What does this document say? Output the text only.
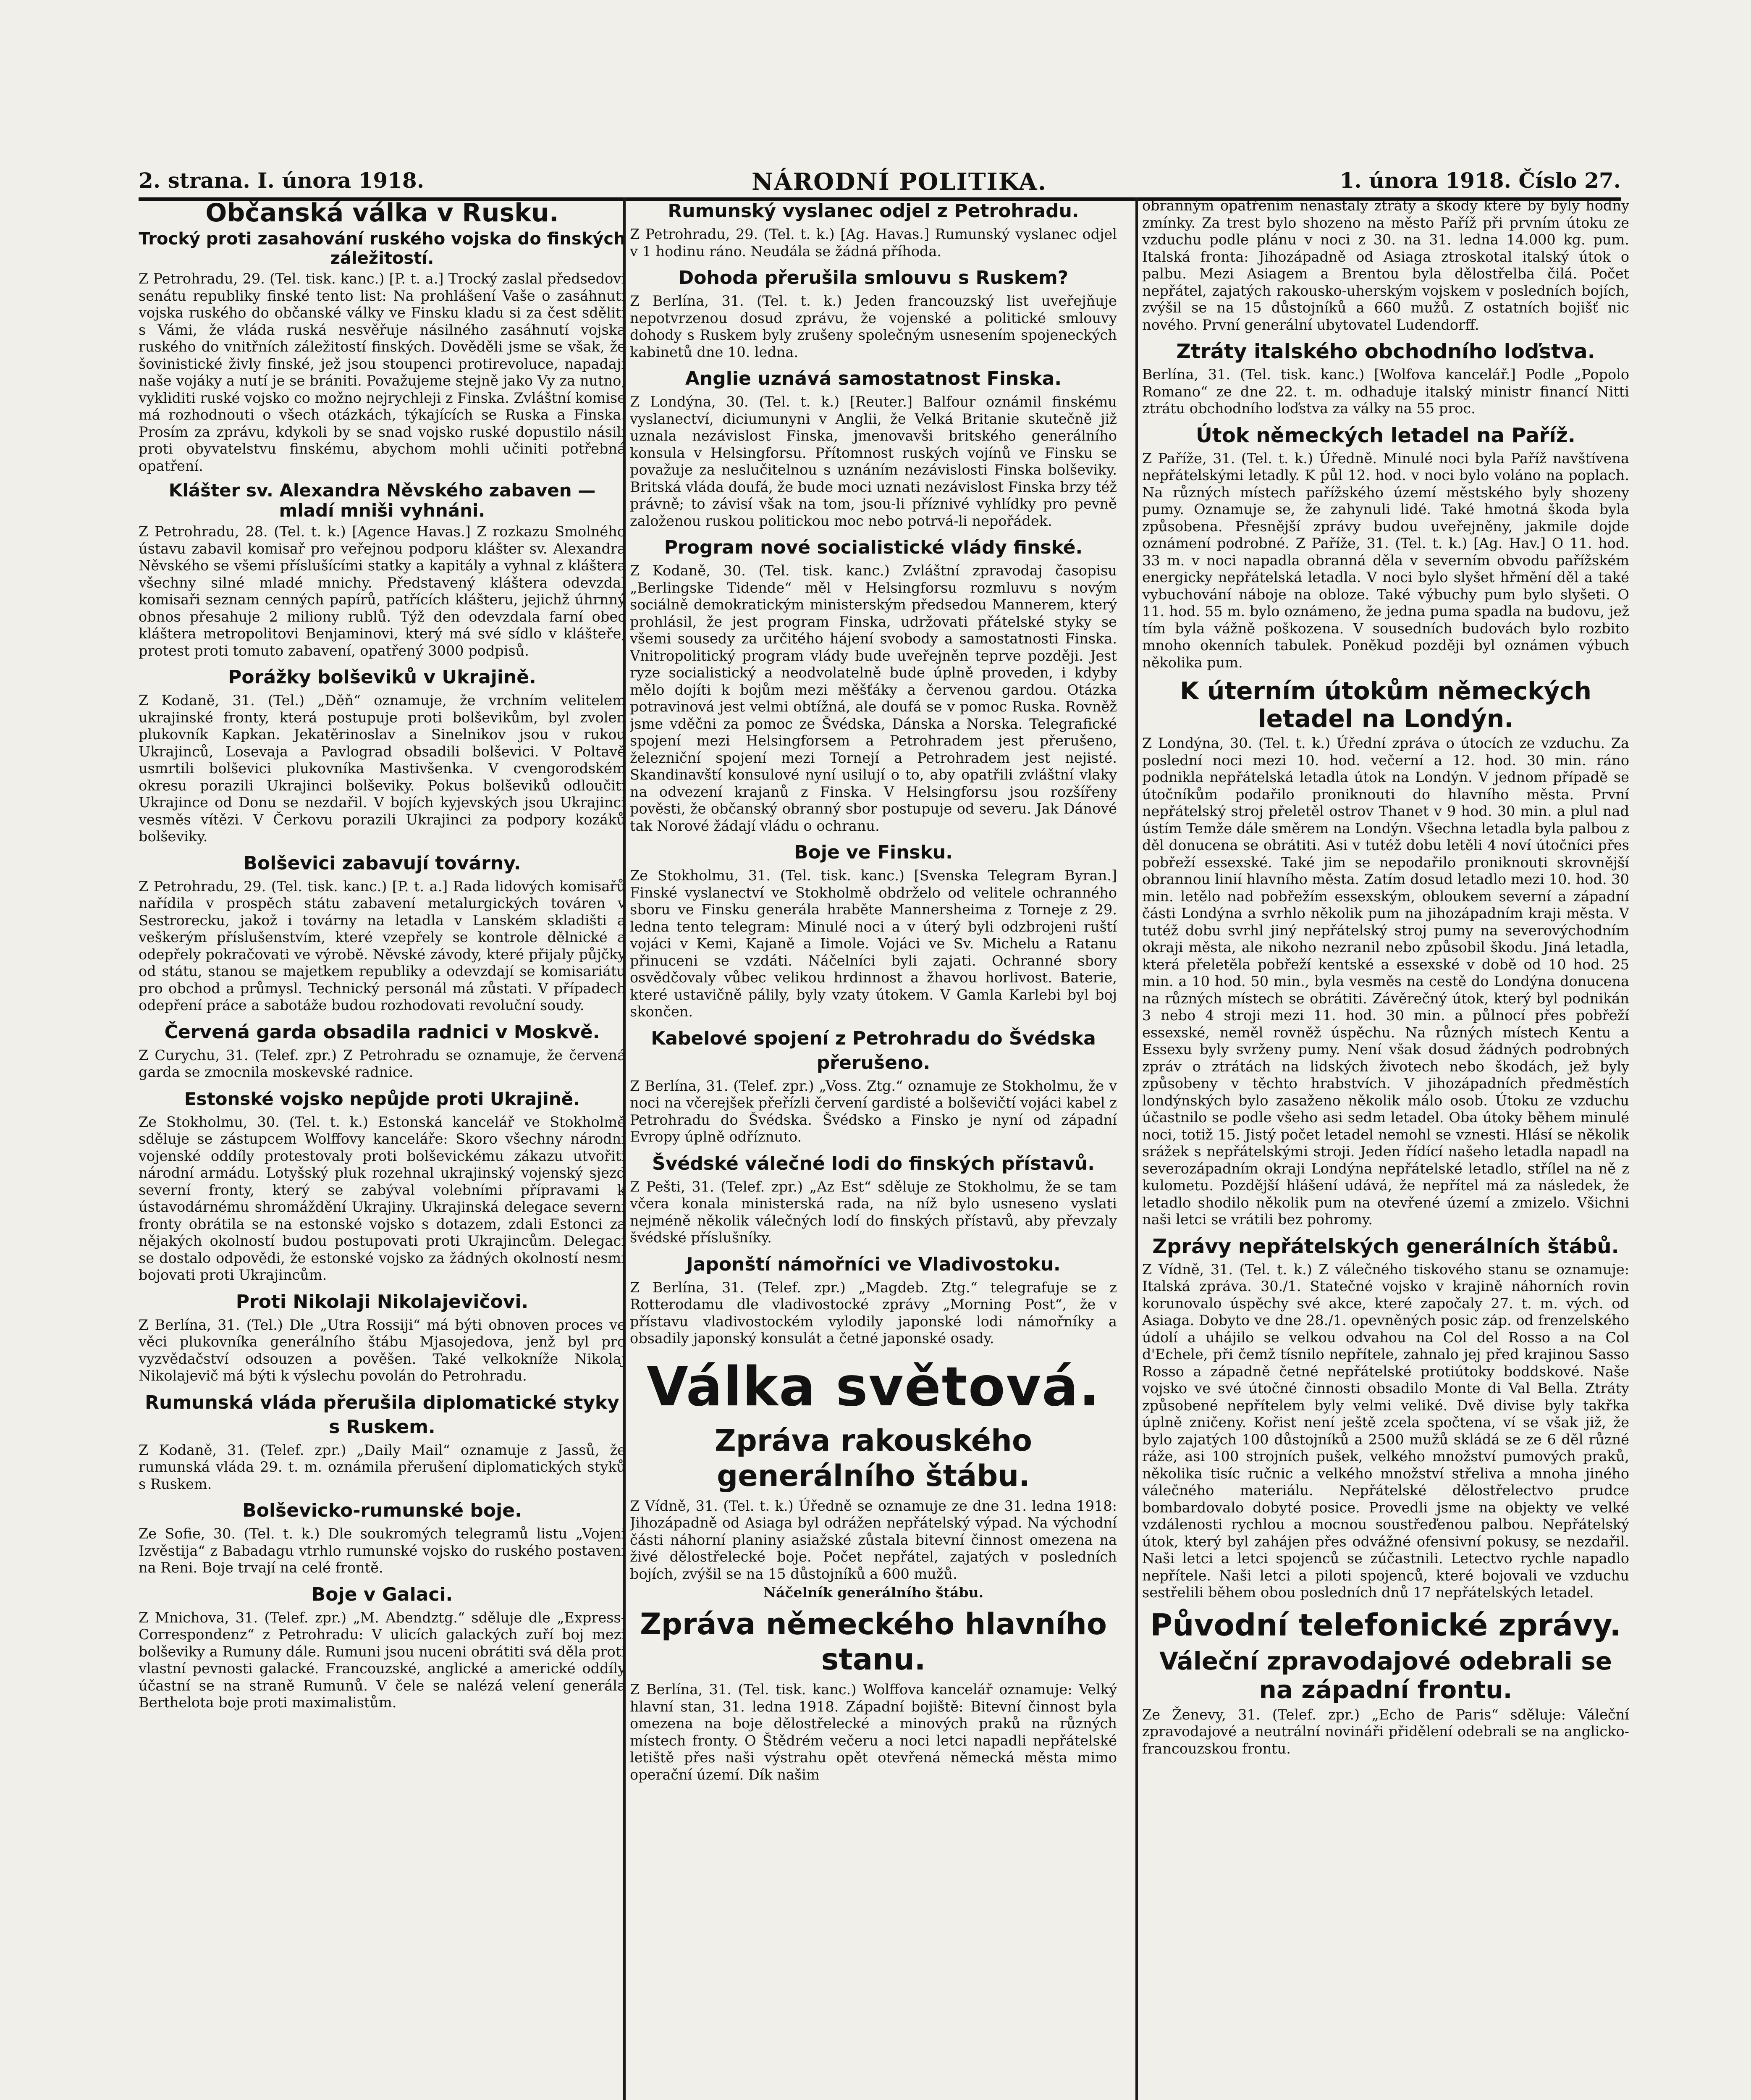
2. strana. I. února 1918.	NÁRODNÍ POLITIKA.	1. února 1918. Číslo 27.
Občanská válka v Rusku.
Trocký proti zasahování ruského vojska do finských záležitostí.

Z Petrohradu, 29. (Tel. tisk. kanc.) [P. t. a.] Trocký zaslal předsedovi senátu republiky finské tento list: Na prohlášení Vaše o zasáhnutí vojska ruského do občanské války ve Finsku kladu si za čest sděliti s Vámi, že vláda ruská nesvěřuje násilného zasáhnutí vojska ruského do vnitřních záležitostí finských. Dověděli jsme se však, že šovinistické živly finské, jež jsou stoupenci protirevoluce, napadají naše vojáky a nutí je se brániti. Považujeme stejně jako Vy za nutno, vykliditi ruské vojsko co možno nejrychleji z Finska. Zvláštní komise má rozhodnouti o všech otázkách, týkajících se Ruska a Finska. Prosím za zprávu, kdykoli by se snad vojsko ruské dopustilo násilí proti obyvatelstvu finskému, abychom mohli učiniti potřebná opatření.

Klášter sv. Alexandra Něvského zabaven — mladí mniši vyhnáni.

Z Petrohradu, 28. (Tel. t. k.) [Agence Havas.] Z rozkazu Smolného ústavu zabavil komisař pro veřejnou podporu klášter sv. Alexandra Něvského se všemi příslušícími statky a kapitály a vyhnal z kláštera všechny silné mladé mnichy. Představený kláštera odevzdal komisaři seznam cenných papírů, patřících klášteru, jejichž úhrnný obnos přesahuje 2 miliony rublů. Týž den odevzdala farní obec kláštera metropolitovi Benjaminovi, který má své sídlo v klášteře, protest proti tomuto zabavení, opatřený 3000 podpisů.

Porážky bolševiků v Ukrajině.

Z Kodaně, 31. (Tel.) „Děň“ oznamuje, že vrchním velitelem ukrajinské fronty, která postupuje proti bolševikům, byl zvolen plukovník Kapkan. Jekatěrinoslav a Sinelnikov jsou v rukou Ukrajinců, Losevaja a Pavlograd obsadili bolševici. V Poltavě usmrtili bolševici plukovníka Mastivšenka. V cvengorodském okresu porazili Ukrajinci bolševiky. Pokus bolševiků odloučiti Ukrajince od Donu se nezdařil. V bojích kyjevských jsou Ukrajinci vesměs vítězi. V Čerkovu porazili Ukrajinci za podpory kozáků bolševiky.

Bolševici zabavují továrny.

Z Petrohradu, 29. (Tel. tisk. kanc.) [P. t. a.] Rada lidových komisařů nařídila v prospěch státu zabavení metalurgických továren v Sestrorecku, jakož i továrny na letadla v Lanském skladišti a veškerým příslušenstvím, které vzepřely se kontrole dělnické a odepřely pokračovati ve výrobě. Něvské závody, které přijaly půjčky od státu, stanou se majetkem republiky a odevzdají se komisariátu pro obchod a průmysl. Technický personál má zůstati. V případech odepření práce a sabotáže budou rozhodovati revoluční soudy.

Červená garda obsadila radnici v Moskvě.

Z Curychu, 31. (Telef. zpr.) Z Petrohradu se oznamuje, že červená garda se zmocnila moskevské radnice.

Estonské vojsko nepůjde proti Ukrajině.

Ze Stokholmu, 30. (Tel. t. k.) Estonská kancelář ve Stokholmě sděluje se zástupcem Wolffovy kanceláře: Skoro všechny národní vojenské oddíly protestovaly proti bolševickému zákazu utvořiti národní armádu. Lotyšský pluk rozehnal ukrajinský vojenský sjezd severní fronty, který se zabýval volebními přípravami k ústavodárnému shromáždění Ukrajiny. Ukrajinská delegace severní fronty obrátila se na estonské vojsko s dotazem, zdali Estonci za nějakých okolností budou postupovati proti Ukrajincům. Delegaci se dostalo odpovědi, že estonské vojsko za žádných okolností nesmí bojovati proti Ukrajincům.

Proti Nikolaji Nikolajevičovi.

Z Berlína, 31. (Tel.) Dle „Utra Rossiji“ má býti obnoven proces ve věci plukovníka generálního štábu Mjasojedova, jenž byl pro vyzvědačství odsouzen a pověšen. Také velkokníže Nikolaj Nikolajevič má býti k výslechu povolán do Petrohradu.

Rumunská vláda přerušila diplomatické styky s Ruskem.

Z Kodaně, 31. (Telef. zpr.) „Daily Mail“ oznamuje z Jassů, že rumunská vláda 29. t. m. oznámila přerušení diplomatických styků s Ruskem.

Bolševicko-rumunské boje.

Ze Sofie, 30. (Tel. t. k.) Dle soukromých telegramů listu „Vojeni Izvěstija“ z Babadagu vtrhlo rumunské vojsko do ruského postavení na Reni. Boje trvají na celé frontě.

Boje v Galaci.

Z Mnichova, 31. (Telef. zpr.) „M. Abendztg.“ sděluje dle „Express-Correspondenz“ z Petrohradu: V ulicích galackých zuří boj mezi bolševiky a Rumuny dále. Rumuni jsou nuceni obrátiti svá děla proti vlastní pevnosti galacké. Francouzské, anglické a americké oddíly účastní se na straně Rumunů. V čele se nalézá velení generála Berthelota boje proti maximalistům.

Rumunský vyslanec odjel z Petrohradu.

Z Petrohradu, 29. (Tel. t. k.) [Ag. Havas.] Rumunský vyslanec odjel v 1 hodinu ráno. Neudála se žádná příhoda.

Dohoda přerušila smlouvu s Ruskem?

Z Berlína, 31. (Tel. t. k.) Jeden francouzský list uveřejňuje nepotvrzenou dosud zprávu, že vojenské a politické smlouvy dohody s Ruskem byly zrušeny společným usnesením spojeneckých kabinetů dne 10. ledna.

Anglie uznává samostatnost Finska.

Z Londýna, 30. (Tel. t. k.) [Reuter.] Balfour oznámil finskému vyslanectví, diciumunyni v Anglii, že Velká Britanie skutečně již uznala nezávislost Finska, jmenovavši britského generálního konsula v Helsingforsu. Přítomnost ruských vojínů ve Finsku se považuje za neslučitelnou s uznáním nezávislosti Finska bolševiky. Britská vláda doufá, že bude moci uznati nezávislost Finska brzy též právně; to závisí však na tom, jsou-li příznivé vyhlídky pro pevně založenou ruskou politickou moc nebo potrvá-li nepořádek.

Program nové socialistické vlády finské.

Z Kodaně, 30. (Tel. tisk. kanc.) Zvláštní zpravodaj časopisu „Berlingske Tidende“ měl v Helsingforsu rozmluvu s novým sociálně demokratickým ministerským předsedou Mannerem, který prohlásil, že jest program Finska, udržovati přátelské styky se všemi sousedy za určitého hájení svobody a samostatnosti Finska. Vnitropolitický program vlády bude uveřejněn teprve později. Jest ryze socialistický a neodvolatelně bude úplně proveden, i kdyby mělo dojíti k bojům mezi měšťáky a červenou gardou. Otázka potravinová jest velmi obtížná, ale doufá se v pomoc Ruska. Rovněž jsme vděčni za pomoc ze Švédska, Dánska a Norska. Telegrafické spojení mezi Helsingforsem a Petrohradem jest přerušeno, železniční spojení mezi Tornejí a Petrohradem jest nejisté. Skandinavští konsulové nyní usilují o to, aby opatřili zvláštní vlaky na odvezení krajanů z Finska. V Helsingforsu jsou rozšířeny pověsti, že občanský obranný sbor postupuje od severu. Jak Dánové tak Norové žádají vládu o ochranu.

Boje ve Finsku.

Ze Stokholmu, 31. (Tel. tisk. kanc.) [Svenska Telegram Byran.] Finské vyslanectví ve Stokholmě obdrželo od velitele ochranného sboru ve Finsku generála hraběte Mannersheima z Torneje z 29. ledna tento telegram: Minulé noci a v úterý byli odzbrojeni ruští vojáci v Kemi, Kajaně a Iimole. Vojáci ve Sv. Michelu a Ratanu přinuceni se vzdáti. Náčelníci byli zajati. Ochranné sbory osvědčovaly vůbec velikou hrdinnost a žhavou horlivost. Baterie, které ustavičně pálily, byly vzaty útokem. V Gamla Karlebi byl boj skončen.

Kabelové spojení z Petrohradu do Švédska přerušeno.

Z Berlína, 31. (Telef. zpr.) „Voss. Ztg.“ oznamuje ze Stokholmu, že v noci na včerejšek přeřízli červení gardisté a bolševičtí vojáci kabel z Petrohradu do Švédska. Švédsko a Finsko je nyní od západní Evropy úplně odříznuto.

Švédské válečné lodi do finských přístavů.

Z Pešti, 31. (Telef. zpr.) „Az Est“ sděluje ze Stokholmu, že se tam včera konala ministerská rada, na níž bylo usneseno vyslati nejméně několik válečných lodí do finských přístavů, aby převzaly švédské příslušníky.

Japonští námořníci ve Vladivostoku.

Z Berlína, 31. (Telef. zpr.) „Magdeb. Ztg.“ telegrafuje se z Rotterodamu dle vladivostocké zprávy „Morning Post“, že v přístavu vladivostockém vylodily japonské lodi námořníky a obsadily japonský konsulát a četné japonské osady.

Válka světová.
Zpráva rakouského generálního štábu.

Z Vídně, 31. (Tel. t. k.) Úředně se oznamuje ze dne 31. ledna 1918: Jihozápadně od Asiaga byl odrážen nepřátelský výpad. Na východní části náhorní planiny asiažské zůstala bitevní činnost omezena na živé dělostřelecké boje. Počet nepřátel, zajatých v posledních bojích, zvýšil se na 15 důstojníků a 600 mužů.

Náčelník generálního štábu.
Zpráva německého hlavního stanu.

Z Berlína, 31. (Tel. tisk. kanc.) Wolffova kancelář oznamuje: Velký hlavní stan, 31. ledna 1918. Západní bojiště: Bitevní činnost byla omezena na boje dělostřelecké a minových praků na různých místech fronty. O Štědrém večeru a noci letci napadli nepřátelské letiště přes naši výstrahu opět otevřená německá města mimo operační území. Dík našim

obranným opatřením nenastaly ztráty a škody které by byly hodny zmínky. Za trest bylo shozeno na město Paříž při prvním útoku ze vzduchu podle plánu v noci z 30. na 31. ledna 14.000 kg. pum. Italská fronta: Jihozápadně od Asiaga ztroskotal italský útok o palbu. Mezi Asiagem a Brentou byla dělostřelba čilá. Počet nepřátel, zajatých rakousko-uherským vojskem v posledních bojích, zvýšil se na 15 důstojníků a 660 mužů. Z ostatních bojišť nic nového. První generální ubytovatel Ludendorff.

Ztráty italského obchodního loďstva.

Berlína, 31. (Tel. tisk. kanc.) [Wolfova kancelář.] Podle „Popolo Romano“ ze dne 22. t. m. odhaduje italský ministr financí Nitti ztrátu obchodního loďstva za války na 55 proc.

Útok německých letadel na Paříž.

Z Paříže, 31. (Tel. t. k.) Úředně. Minulé noci byla Paříž navštívena nepřátelskými letadly. K půl 12. hod. v noci bylo voláno na poplach. Na různých místech pařížského území městského byly shozeny pumy. Oznamuje se, že zahynuli lidé. Také hmotná škoda byla způsobena. Přesnější zprávy budou uveřejněny, jakmile dojde oznámení podrobné. Z Paříže, 31. (Tel. t. k.) [Ag. Hav.] O 11. hod. 33 m. v noci napadla obranná děla v severním obvodu pařížském energicky nepřátelská letadla. V noci bylo slyšet hřmění děl a také vybuchování náboje na obloze. Také výbuchy pum bylo slyšeti. O 11. hod. 55 m. bylo oznámeno, že jedna puma spadla na budovu, jež tím byla vážně poškozena. V sousedních budovách bylo rozbito mnoho okenních tabulek. Poněkud později byl oznámen výbuch několika pum.

K úterním útokům německých letadel na Londýn.

Z Londýna, 30. (Tel. t. k.) Úřední zpráva o útocích ze vzduchu. Za poslední noci mezi 10. hod. večerní a 12. hod. 30 min. ráno podnikla nepřátelská letadla útok na Londýn. V jednom případě se útočníkům podařilo proniknouti do hlavního města. První nepřátelský stroj přeletěl ostrov Thanet v 9 hod. 30 min. a plul nad ústím Temže dále směrem na Londýn. Všechna letadla byla palbou z děl donucena se obrátiti. Asi v tutéž dobu letěli 4 noví útočníci přes pobřeží essexské. Také jim se nepodařilo proniknouti skrovnější obrannou linií hlavního města. Zatím dosud letadlo mezi 10. hod. 30 min. letělo nad pobřežím essexským, obloukem severní a západní části Londýna a svrhlo několik pum na jihozápadním kraji města. V tutéž dobu svrhl jiný nepřátelský stroj pumy na severovýchodním okraji města, ale nikoho nezranil nebo způsobil škodu. Jiná letadla, která přeletěla pobřeží kentské a essexské v době od 10 hod. 25 min. a 10 hod. 50 min., byla vesměs na cestě do Londýna donucena na různých místech se obrátiti. Závěrečný útok, který byl podnikán 3 nebo 4 stroji mezi 11. hod. 30 min. a půlnocí přes pobřeží essexské, neměl rovněž úspěchu. Na různých místech Kentu a Essexu byly svrženy pumy. Není však dosud žádných podrobných zpráv o ztrátách na lidských životech nebo škodách, jež byly způsobeny v těchto hrabstvích. V jihozápadních předměstích londýnských bylo zasaženo několik málo osob. Útoku ze vzduchu účastnilo se podle všeho asi sedm letadel. Oba útoky během minulé noci, totiž 15. Jistý počet letadel nemohl se vznesti. Hlásí se několik srážek s nepřátelskými stroji. Jeden řídící našeho letadla napadl na severozápadním okraji Londýna nepřátelské letadlo, střílel na ně z kulometu. Pozdější hlášení udává, že nepřítel má za následek, že letadlo shodilo několik pum na otevřené území a zmizelo. Všichni naši letci se vrátili bez pohromy.

Zprávy nepřátelských generálních štábů.

Z Vídně, 31. (Tel. t. k.) Z válečného tiskového stanu se oznamuje: Italská zpráva. 30./1. Statečné vojsko v krajině náhorních rovin korunovalo úspěchy své akce, které započaly 27. t. m. vých. od Asiaga. Dobyto ve dne 28./1. opevněných posic záp. od frenzelského údolí a uhájilo se velkou odvahou na Col del Rosso a na Col d'Echele, při čemž tísnilo nepřítele, zahnalo jej před krajinou Sasso Rosso a západně četné nepřátelské protiútoky boddskové. Naše vojsko ve své útočné činnosti obsadilo Monte di Val Bella. Ztráty způsobené nepřítelem byly velmi veliké. Dvě divise byly takřka úplně zničeny. Kořist není ještě zcela spočtena, ví se však již, že bylo zajatých 100 důstojníků a 2500 mužů skládá se ze 6 děl různé ráže, asi 100 strojních pušek, velkého množství pumových praků, několika tisíc ručnic a velkého množství střeliva a mnoha jiného válečného materiálu. Nepřátelské dělostřelectvo prudce bombardovalo dobyté posice. Provedli jsme na objekty ve velké vzdálenosti rychlou a mocnou soustřeďenou palbou. Nepřátelský útok, který byl zahájen přes odvážné ofensivní pokusy, se nezdařil. Naši letci a letci spojenců se zúčastnili. Letectvo rychle napadlo nepřítele. Naši letci a piloti spojenců, které bojovali ve vzduchu sestřelili během obou posledních dnů 17 nepřátelských letadel.

Původní telefonické zprávy.
Váleční zpravodajové odebrali se na západní frontu.

Ze Ženevy, 31. (Telef. zpr.) „Echo de Paris“ sděluje: Váleční zpravodajové a neutrální novináři přidělení odebrali se na anglicko-francouzskou frontu.
